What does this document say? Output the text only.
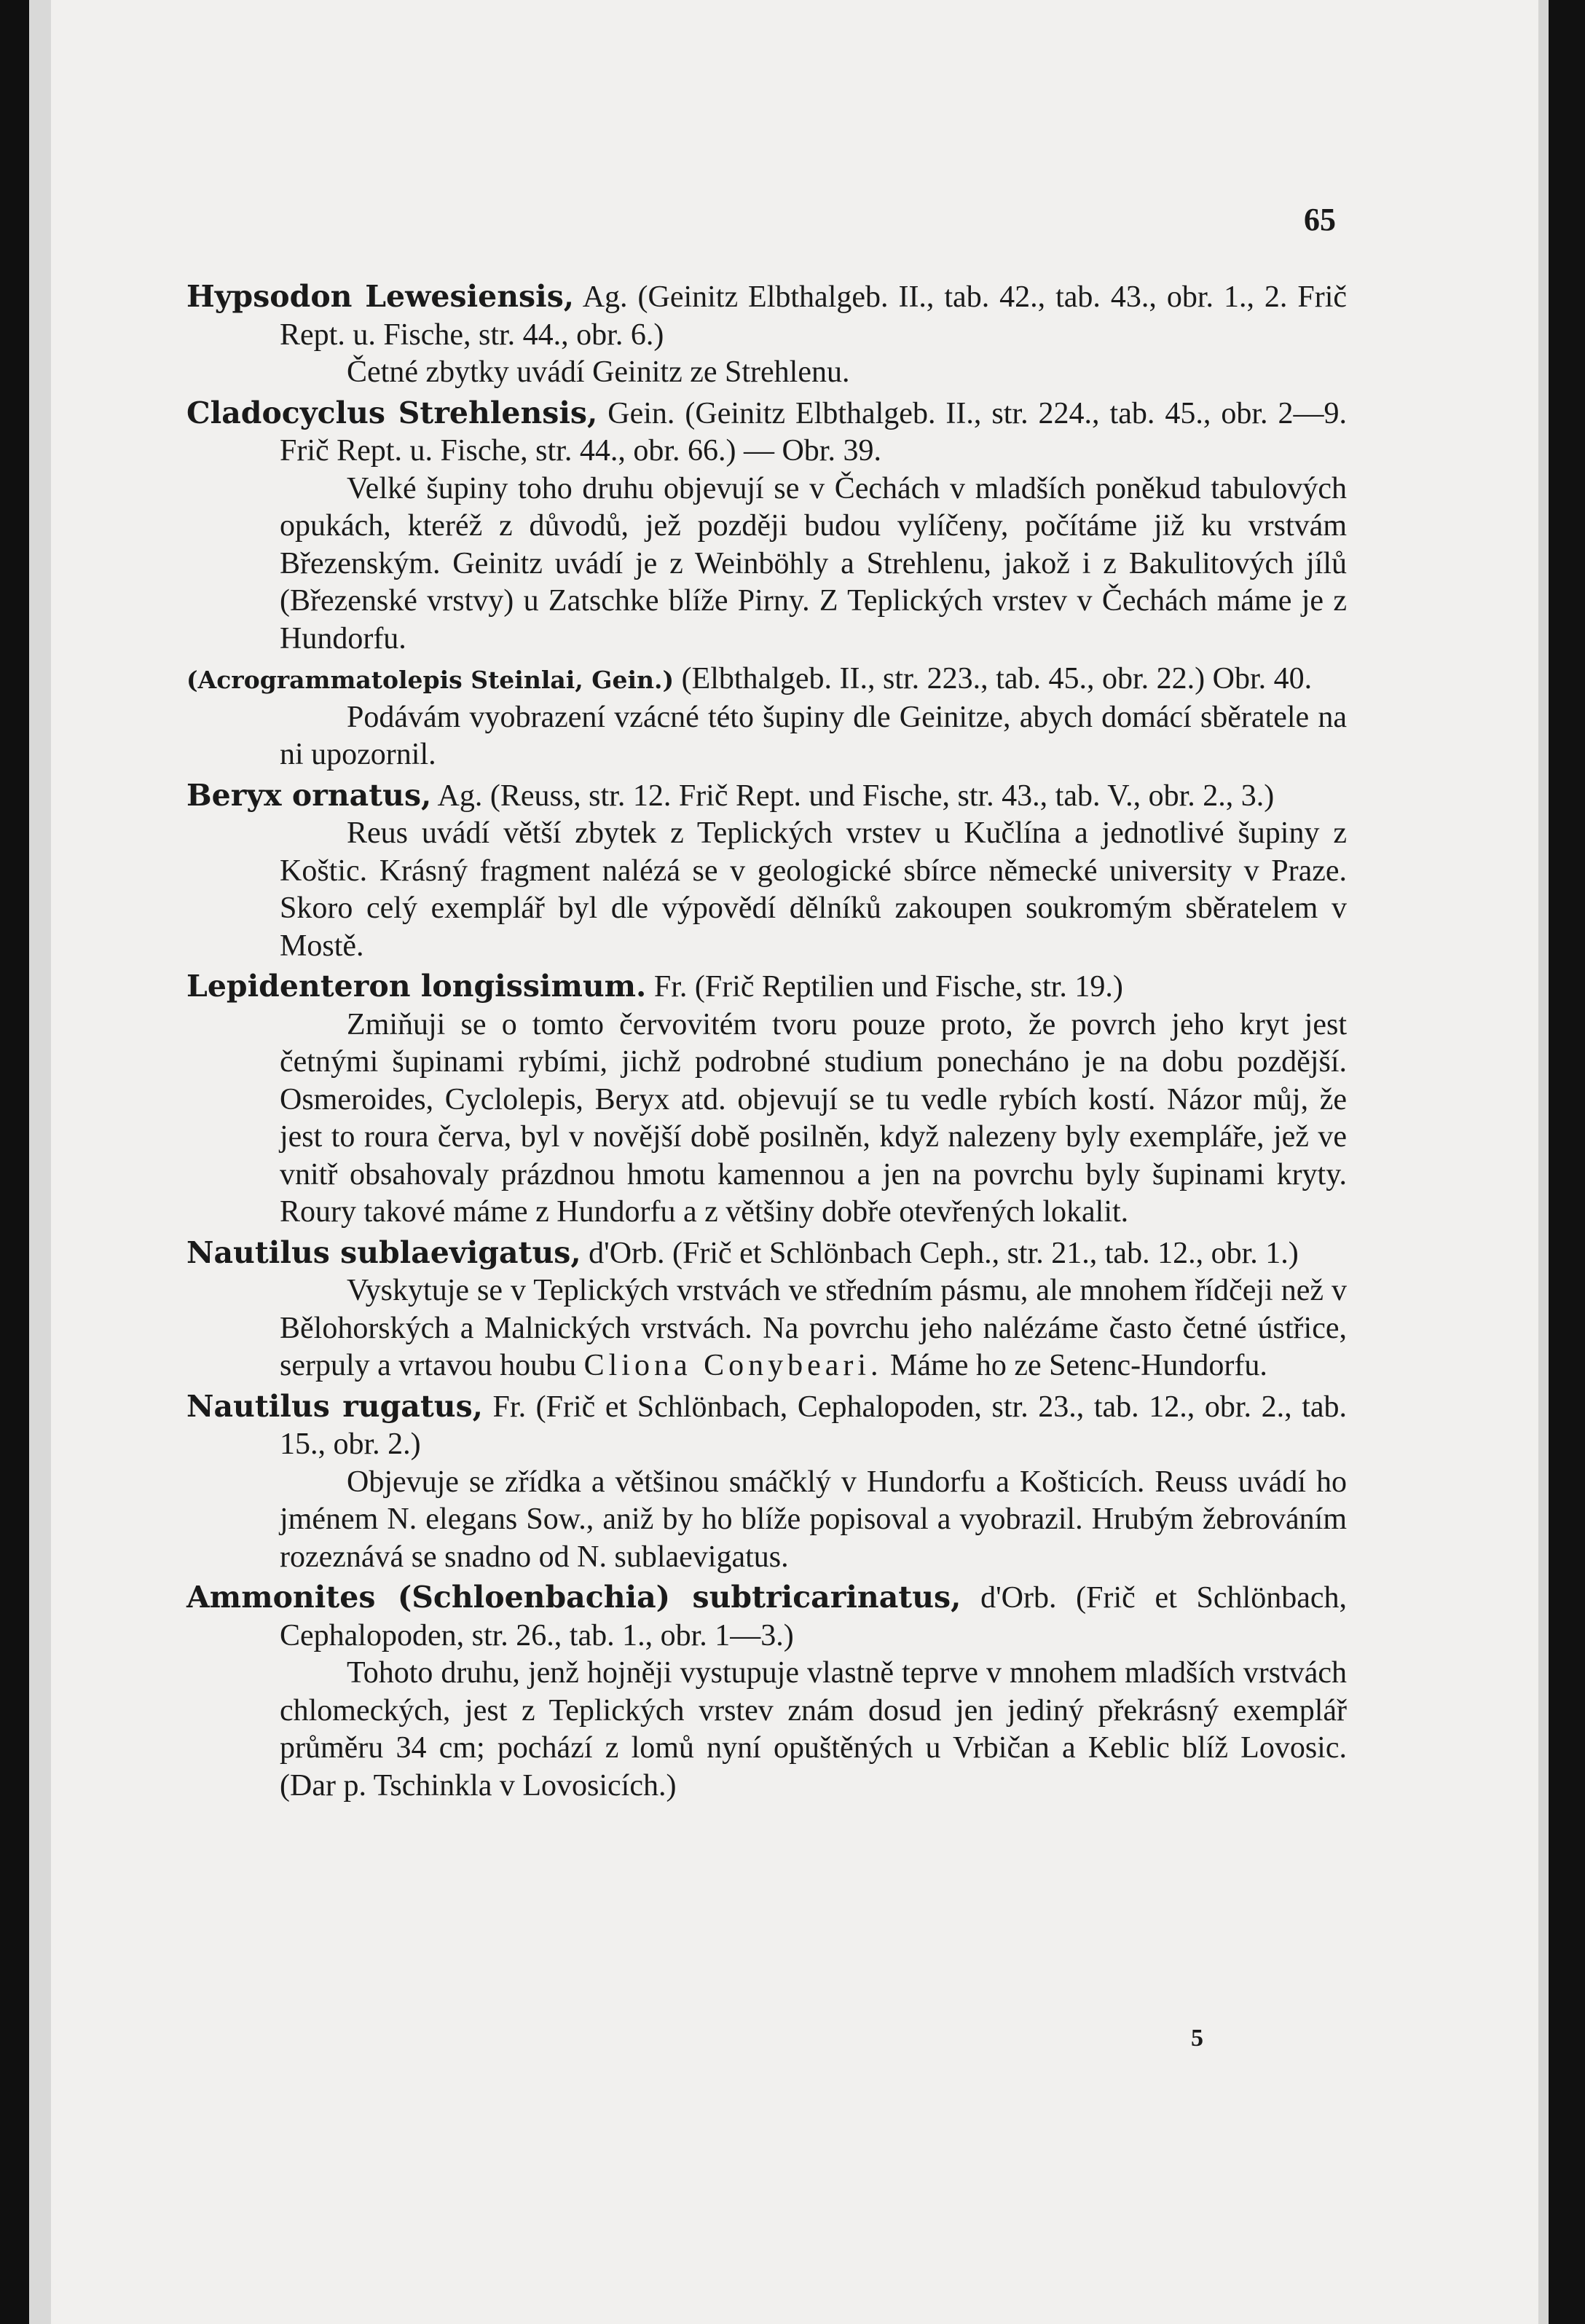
65
Hypsodon Lewesiensis, Ag. (Geinitz Elbthalgeb. II., tab. 42., tab. 43., obr. 1., 2. Frič Rept. u. Fische, str. 44., obr. 6.)

Četné zbytky uvádí Geinitz ze Strehlenu.

Cladocyclus Strehlensis, Gein. (Geinitz Elbthalgeb. II., str. 224., tab. 45., obr. 2—9. Frič Rept. u. Fische, str. 44., obr. 66.) — Obr. 39.

Velké šupiny toho druhu objevují se v Čechách v mladších poněkud tabulových opukách, kteréž z důvodů, jež později budou vylíčeny, počítáme již ku vrstvám Březenským. Geinitz uvádí je z Weinböhly a Strehlenu, jakož i z Bakulitových jílů (Březenské vrstvy) u Zatschke blíže Pirny. Z Teplických vrstev v Čechách máme je z Hundorfu.

(Acrogrammatolepis Steinlai, Gein.) (Elbthalgeb. II., str. 223., tab. 45., obr. 22.) Obr. 40.

Podávám vyobrazení vzácné této šupiny dle Geinitze, abych domácí sběratele na ni upozornil.

Beryx ornatus, Ag. (Reuss, str. 12. Frič Rept. und Fische, str. 43., tab. V., obr. 2., 3.)

Reus uvádí větší zbytek z Teplických vrstev u Kučlína a jednotlivé šupiny z Koštic. Krásný fragment nalézá se v geologické sbírce německé university v Praze. Skoro celý exemplář byl dle výpovědí dělníků zakoupen soukromým sběratelem v Mostě.

Lepidenteron longissimum. Fr. (Frič Reptilien und Fische, str. 19.)

Zmiňuji se o tomto červovitém tvoru pouze proto, že povrch jeho kryt jest četnými šupinami rybími, jichž podrobné studium ponecháno je na dobu pozdější. Osmeroides, Cyclolepis, Beryx atd. objevují se tu vedle rybích kostí. Názor můj, že jest to roura červa, byl v novější době posilněn, když nalezeny byly exempláře, jež ve vnitř obsahovaly prázdnou hmotu kamennou a jen na povrchu byly šupinami kryty. Roury takové máme z Hundorfu a z většiny dobře otevřených lokalit.

Nautilus sublaevigatus, d'Orb. (Frič et Schlönbach Ceph., str. 21., tab. 12., obr. 1.)

Vyskytuje se v Teplických vrstvách ve středním pásmu, ale mnohem řídčeji než v Bělohorských a Malnických vrstvách. Na povrchu jeho nalézáme často četné ústřice, serpuly a vrtavou houbu Cliona Conybeari. Máme ho ze Setenc-Hundorfu.

Nautilus rugatus, Fr. (Frič et Schlönbach, Cephalopoden, str. 23., tab. 12., obr. 2., tab. 15., obr. 2.)

Objevuje se zřídka a většinou smáčklý v Hundorfu a Košticích. Reuss uvádí ho jménem N. elegans Sow., aniž by ho blíže popisoval a vyobrazil. Hrubým žebrováním rozeznává se snadno od N. sublaevigatus.

Ammonites (Schloenbachia) subtricarinatus, d'Orb. (Frič et Schlönbach, Cephalopoden, str. 26., tab. 1., obr. 1—3.)

Tohoto druhu, jenž hojněji vystupuje vlastně teprve v mnohem mladších vrstvách chlomeckých, jest z Teplických vrstev znám dosud jen jediný překrásný exemplář průměru 34 cm; pochází z lomů nyní opuštěných u Vrbičan a Keblic blíž Lovosic. (Dar p. Tschinkla v Lovosicích.)

5
